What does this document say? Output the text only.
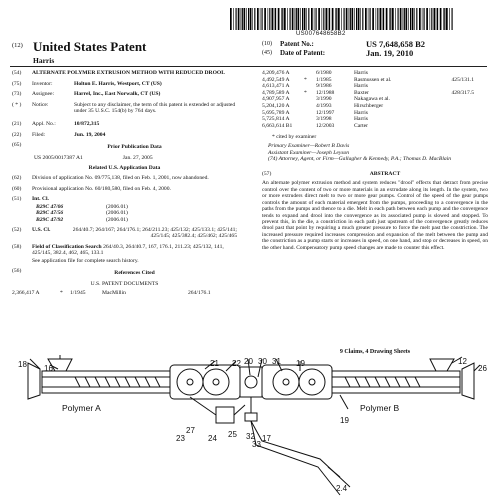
US007648658B2
(12) United States Patent
Harris
(10)	Patent No.:	US 7,648,658 B2
(45)	Date of Patent:	Jan. 19, 2010
(54)	ALTERNATE POLYMER EXTRUSION METHOD WITH REDUCED DROOL
(75)	Inventor:	Holton E. Harris, Westport, CT (US)
(73)	Assignee:	Harrel, Inc., East Norwalk, CT (US)
( * )	Notice:	Subject to any disclaimer, the term of this patent is extended or adjusted under 35 U.S.C. 154(b) by 764 days.
(21)	Appl. No.:	10/872,315
(22)	Filed:	Jun. 19, 2004
(65)	Prior Publication Data
US 2005/0017387 A1	Jan. 27, 2005
Related U.S. Application Data
(62)	Division of application No. 09/775,138, filed on Feb. 1, 2001, now abandoned.
(60)	Provisional application No. 60/180,580, filed on Feb. 4, 2000.
(51)	Int. Cl.
B29C 47/06	(2006.01)
B29C 47/56	(2006.01)
B29C 47/92	(2006.01)
(52)	U.S. Cl.	264/40.7; 264/167; 264/176.1; 264/211.23; 425/132; 425/133.1; 425/141; 425/145; 425/382.4; 425/462; 425/465
(58)	Field of Classification Search 264/40.3, 264/40.7, 167, 176.1, 211.23; 425/132, 141, 425/145, 382.4, 462, 465, 133.1
See application file for complete search history.
(56)	References Cited
U.S. PATENT DOCUMENTS
2,366,417 A	*	1/1945	MacMillin	264/176.1
4,209,476 A	6/1980	Harris
4,492,549 A	*	1/1985	Rasmussen et al.	425/131.1
4,613,471 A	9/1986	Harris
4,789,589 A	*	12/1988	Baxter	428/317.5
4,907,957 A	3/1990	Nakagawa et al.
5,204,120 A	4/1993	Hirschberger
5,695,789 A	12/1997	Harris
5,725,814 A	3/1998	Harris
6,663,614 B1	12/2003	Carter
* cited by examiner
Primary Examiner—Robert B Davis
Assistant Examiner—Joseph Leyson
(74) Attorney, Agent, or Firm—Gallagher & Kennedy, P.A.; Thomas D. MacBlain
(57)	ABSTRACT
An alternate polymer extrusion method and system reduces "drool" effects that detract from precise control over the content of two or more materials in an extrudate along its length. In the system, two or more extruders direct melt to two or more gear pumps. Control of the speed of the gear pumps controls the amount of each material emergent from the pumps, proceeding to a convergence in the paths from the pumps and thence to a die. Melt in each path between each pump and the convergence tends to expand and drool into the convergence as its associated pump is slowed and stopped. To prevent this, in the die, a constriction in each path just upstream of the convergence greatly reduces drool past that point by requiring a much greater pressure to force the melt past the constriction. The increased pressure required increases compression and expansion of the melt between the pump and the constriction as a pump starts or increases in speed, on one hand, and stop or decreases in speed, on the other hand. Compensatory pump speed changes are made to counter this effect.
9 Claims, 4 Drawing Sheets
18 16
21 22 20 30 31 19	12
26
27
23	24 25 32
33
17
19
2.4
Polymer A	Polymer B
